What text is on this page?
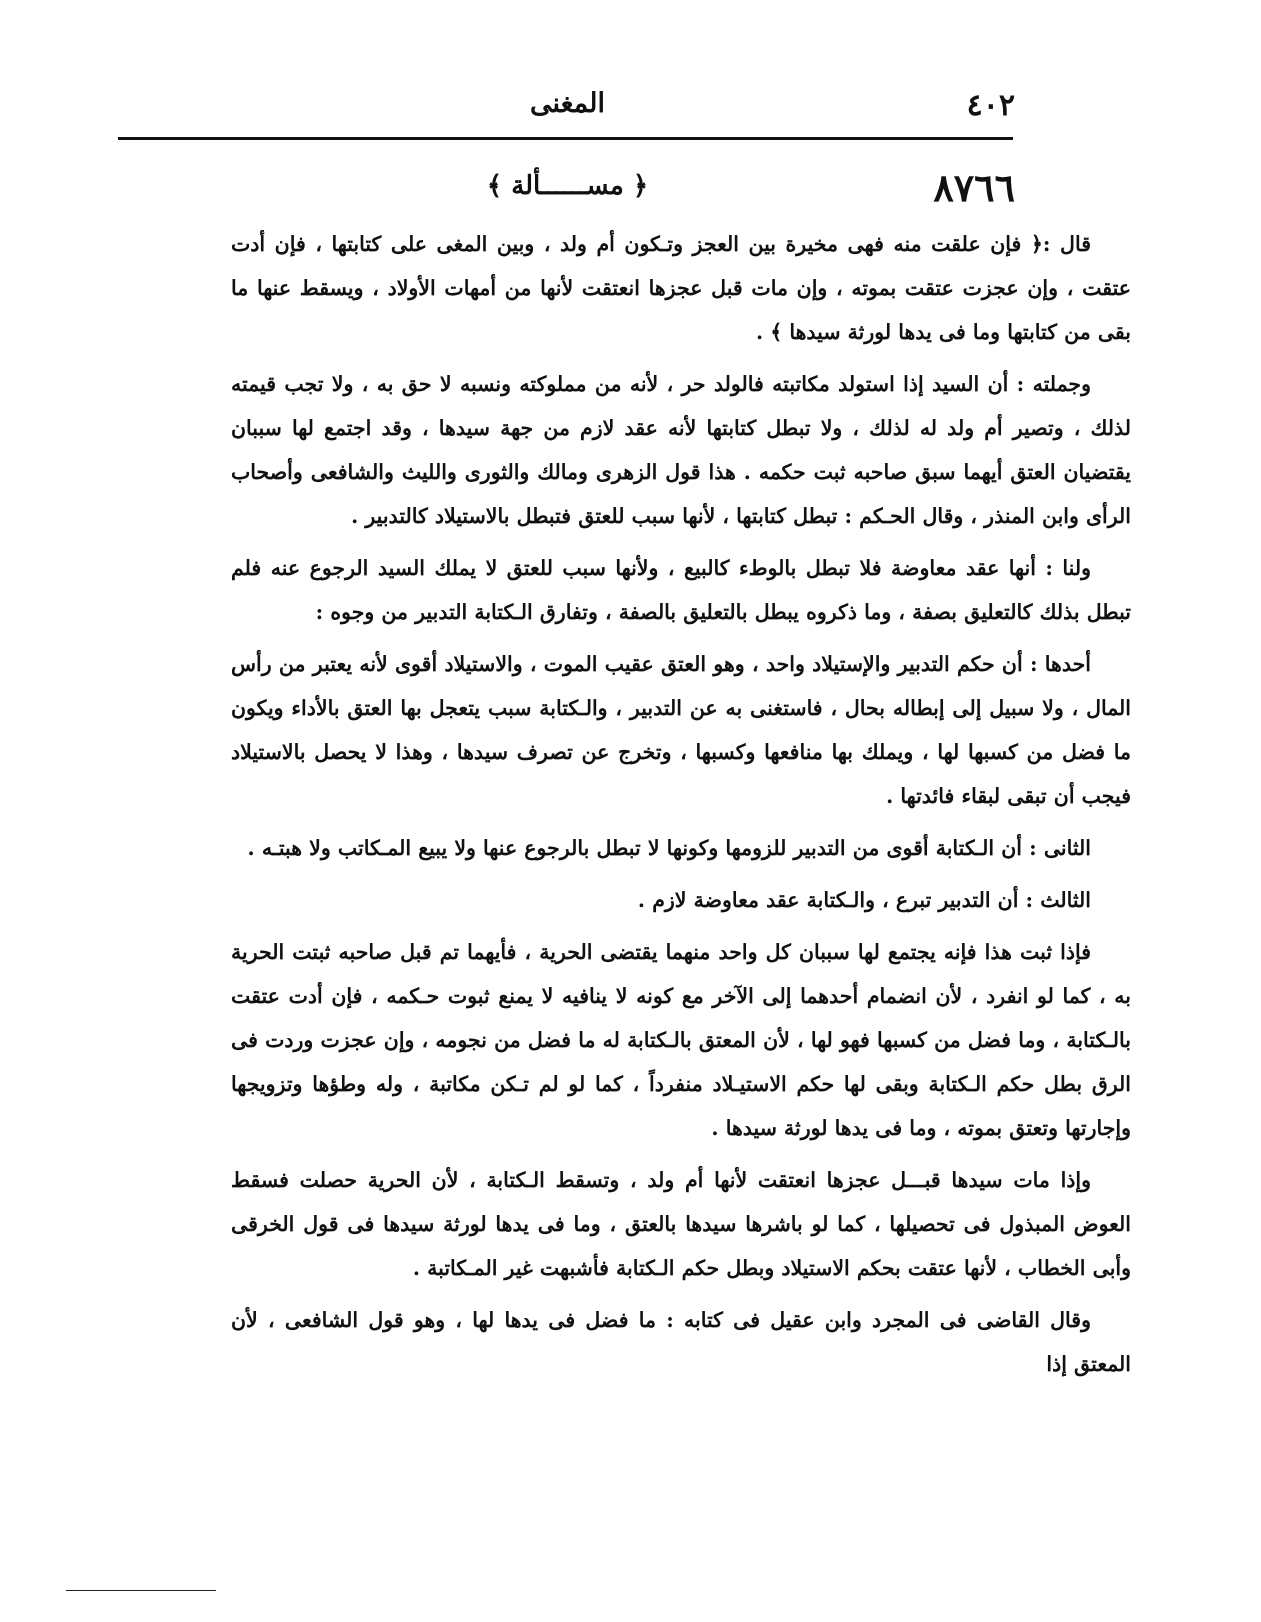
٤٠٢
المغنى
٨٧٦٦
﴿ مســــــألة ﴾

قال :﴿ فإن علقت منه فهى مخيرة بين العجز وتـكون أم ولد ، وبين المغى على كتابتها ، فإن أدت عتقت ، وإن عجزت عتقت بموته ، وإن مات قبل عجزها انعتقت لأنها من أمهات الأولاد ، ويسقط عنها ما بقى من كتابتها وما فى يدها لورثة سيدها ﴾ .

وجملته : أن السيد إذا استولد مكاتبته فالولد حر ، لأنه من مملوكته ونسبه لا حق به ، ولا تجب قيمته لذلك ، وتصير أم ولد له لذلك ، ولا تبطل كتابتها لأنه عقد لازم من جهة سيدها ، وقد اجتمع لها سببان يقتضيان العتق أيهما سبق صاحبه ثبت حكمه . هذا قول الزهرى ومالك والثورى والليث والشافعى وأصحاب الرأى وابن المنذر ، وقال الحـكم : تبطل كتابتها ، لأنها سبب للعتق فتبطل بالاستيلاد كالتدبير .

ولنا : أنها عقد معاوضة فلا تبطل بالوطء كالبيع ، ولأنها سبب للعتق لا يملك السيد الرجوع عنه فلم تبطل بذلك كالتعليق بصفة ، وما ذكروه يبطل بالتعليق بالصفة ، وتفارق الـكتابة التدبير من وجوه :

أحدها : أن حكم التدبير والإستيلاد واحد ، وهو العتق عقيب الموت ، والاستيلاد أقوى لأنه يعتبر من رأس المال ، ولا سبيل إلى إبطاله بحال ، فاستغنى به عن التدبير ، والـكتابة سبب يتعجل بها العتق بالأداء ويكون ما فضل من كسبها لها ، ويملك بها منافعها وكسبها ، وتخرج عن تصرف سيدها ، وهذا لا يحصل بالاستيلاد فيجب أن تبقى لبقاء فائدتها .

الثانى : أن الـكتابة أقوى من التدبير للزومها وكونها لا تبطل بالرجوع عنها ولا يبيع المـكاتب ولا هبتـه .

الثالث : أن التدبير تبرع ، والـكتابة عقد معاوضة لازم .

فإذا ثبت هذا فإنه يجتمع لها سببان كل واحد منهما يقتضى الحرية ، فأيهما تم قبل صاحبه ثبتت الحرية به ، كما لو انفرد ، لأن انضمام أحدهما إلى الآخر مع كونه لا ينافيه لا يمنع ثبوت حـكمه ، فإن أدت عتقت بالـكتابة ، وما فضل من كسبها فهو لها ، لأن المعتق بالـكتابة له ما فضل من نجومه ، وإن عجزت وردت فى الرق بطل حكم الـكتابة وبقى لها حكم الاستيـلاد منفرداً ، كما لو لم تـكن مكاتبة ، وله وطؤها وتزويجها وإجارتها وتعتق بموته ، وما فى يدها لورثة سيدها .

وإذا مات سيدها قبـــل عجزها انعتقت لأنها أم ولد ، وتسقط الـكتابة ، لأن الحرية حصلت فسقط العوض المبذول فى تحصيلها ، كما لو باشرها سيدها بالعتق ، وما فى يدها لورثة سيدها فى قول الخرقى وأبى الخطاب ، لأنها عتقت بحكم الاستيلاد وبطل حكم الـكتابة فأشبهت غير المـكاتبة .

وقال القاضى فى المجرد وابن عقيل فى كتابه : ما فضل فى يدها لها ، وهو قول الشافعى ، لأن المعتق إذا
